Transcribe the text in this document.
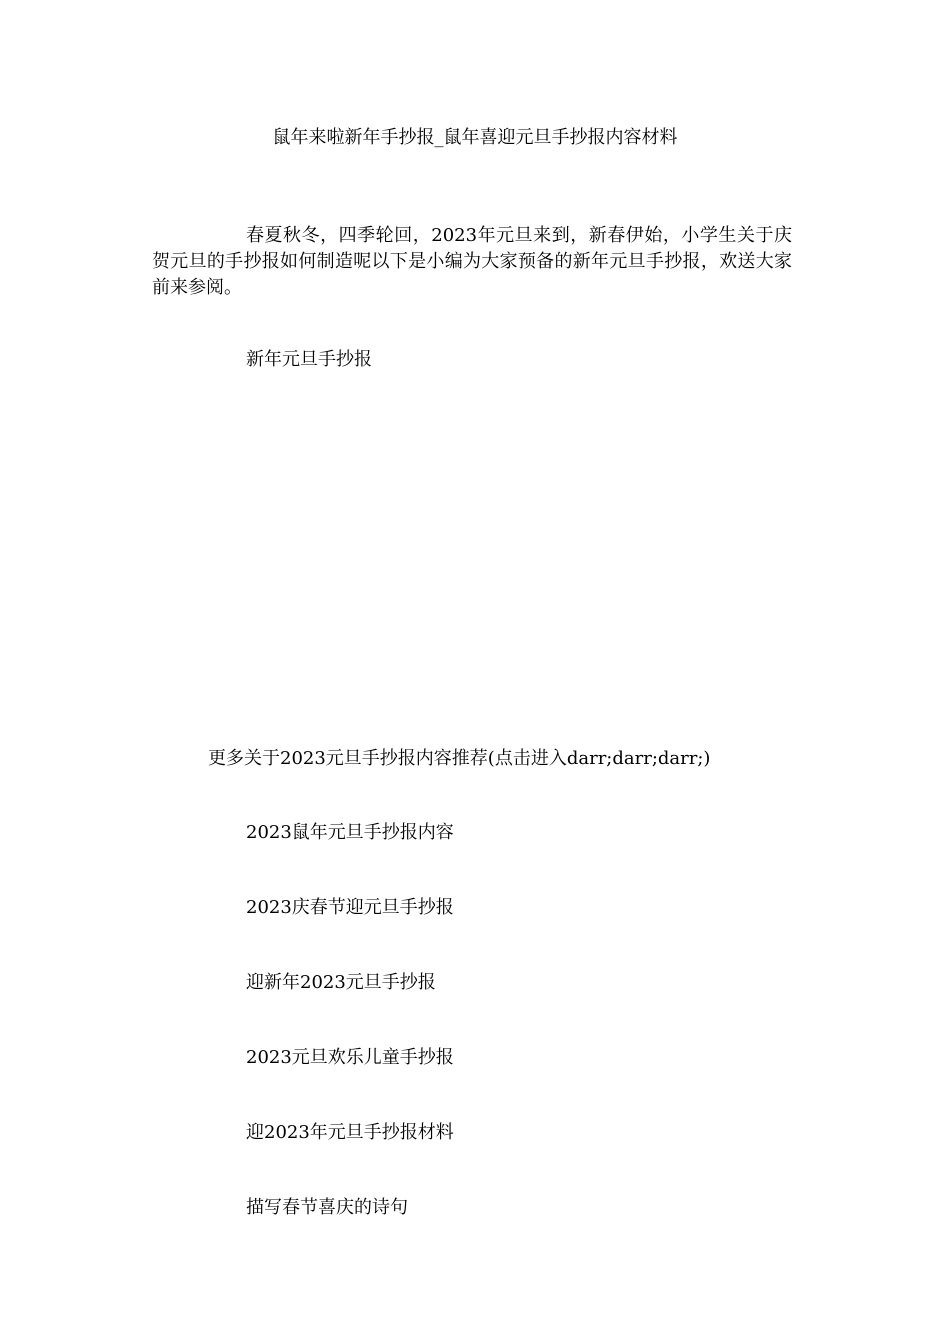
鼠年来啦新年手抄报_鼠年喜迎元旦手抄报内容材料

春夏秋冬，四季轮回，2023年元旦来到，新春伊始，小学生关于庆贺元旦的手抄报如何制造呢以下是小编为大家预备的新年元旦手抄报，欢送大家前来参阅。

新年元旦手抄报
更多关于2023元旦手抄报内容推荐(点击进入darr;darr;darr;)
2023鼠年元旦手抄报内容
2023庆春节迎元旦手抄报
迎新年2023元旦手抄报
2023元旦欢乐儿童手抄报
迎2023年元旦手抄报材料
描写春节喜庆的诗句
